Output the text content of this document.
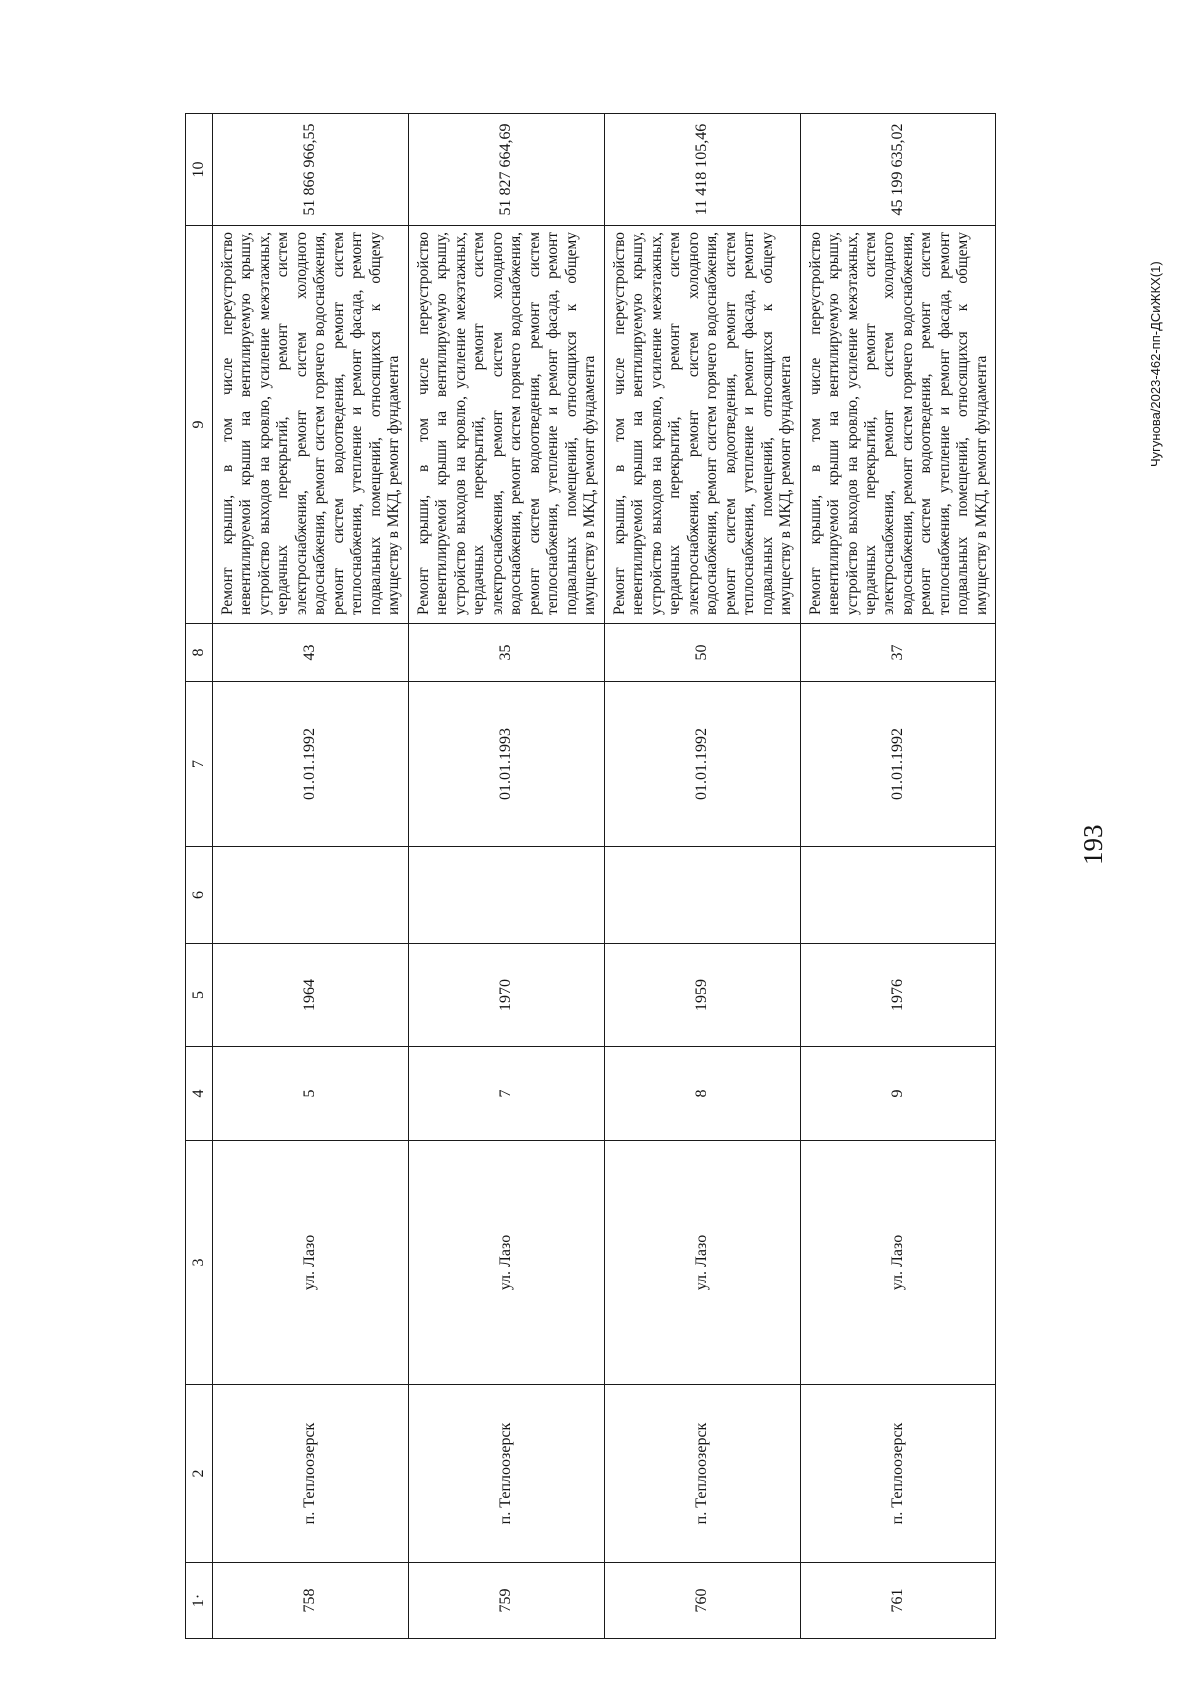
193
1·	2	3	4	5	6	7	8	9	10
758	п. Теплоозерск	ул. Лазо	5	1964		01.01.1992	43	Ремонт крыши, в том числе переустройство невентилируемой крыши на вентилируемую крышу, устройство выходов на кровлю, усиление межэтажных, чердачных перекрытий, ремонт систем электроснабжения, ремонт систем холодного водоснабжения, ремонт систем горячего водоснабжения, ремонт систем водоотведения, ремонт систем теплоснабжения, утепление и ремонт фасада, ремонт подвальных помещений, относящихся к общему имуществу в МКД, ремонт фундамента	51 866 966,55
759	п. Теплоозерск	ул. Лазо	7	1970		01.01.1993	35	Ремонт крыши, в том числе переустройство невентилируемой крыши на вентилируемую крышу, устройство выходов на кровлю, усиление межэтажных, чердачных перекрытий, ремонт систем электроснабжения, ремонт систем холодного водоснабжения, ремонт систем горячего водоснабжения, ремонт систем водоотведения, ремонт систем теплоснабжения, утепление и ремонт фасада, ремонт подвальных помещений, относящихся к общему имуществу в МКД, ремонт фундамента	51 827 664,69
760	п. Теплоозерск	ул. Лазо	8	1959		01.01.1992	50	Ремонт крыши, в том числе переустройство невентилируемой крыши на вентилируемую крышу, устройство выходов на кровлю, усиление межэтажных, чердачных перекрытий, ремонт систем электроснабжения, ремонт систем холодного водоснабжения, ремонт систем горячего водоснабжения, ремонт систем водоотведения, ремонт систем теплоснабжения, утепление и ремонт фасада, ремонт подвальных помещений, относящихся к общему имуществу в МКД, ремонт фундамента	11 418 105,46
761	п. Теплоозерск	ул. Лазо	9	1976		01.01.1992	37	Ремонт крыши, в том числе переустройство невентилируемой крыши на вентилируемую крышу, устройство выходов на кровлю, усиление межэтажных, чердачных перекрытий, ремонт систем электроснабжения, ремонт систем холодного водоснабжения, ремонт систем горячего водоснабжения, ремонт систем водоотведения, ремонт систем теплоснабжения, утепление и ремонт фасада, ремонт подвальных помещений, относящихся к общему имуществу в МКД, ремонт фундамента	45 199 635,02
Чугунова/2023-462-пп-ДСиЖКХ(1)
